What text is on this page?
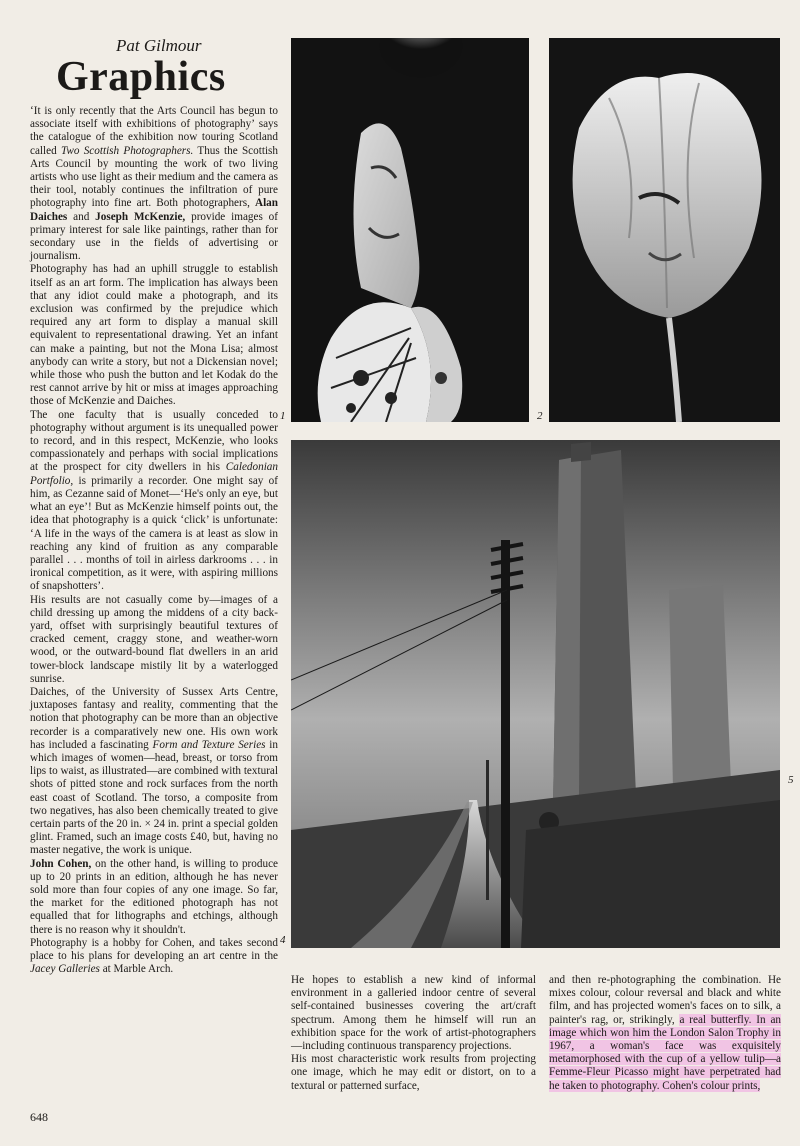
Pat Gilmour
Graphics

‘It is only recently that the Arts Council has begun to associate itself with exhibitions of photography’ says the catalogue of the exhibition now touring Scotland called Two Scottish Photographers. Thus the Scottish Arts Council by mounting the work of two living artists who use light as their medium and the camera as their tool, notably continues the infiltration of pure photography into fine art. Both photographers, Alan Daiches and Joseph McKenzie, provide images of primary interest for sale like paintings, rather than for secondary use in the fields of advertising or journalism.

Photography has had an uphill struggle to establish itself as an art form. The implication has always been that any idiot could make a photograph, and its exclusion was confirmed by the prejudice which required any art form to display a manual skill equivalent to representational drawing. Yet an infant can make a painting, but not the Mona Lisa; almost anybody can write a story, but not a Dickensian novel; while those who push the button and let Kodak do the rest cannot arrive by hit or miss at images approaching those of McKenzie and Daiches.

The one faculty that is usually conceded to photography without argument is its unequalled power to record, and in this respect, McKenzie, who looks compassionately and perhaps with social implications at the prospect for city dwellers in his Caledonian Portfolio, is primarily a recorder. One might say of him, as Cezanne said of Monet—‘He's only an eye, but what an eye’! But as McKenzie himself points out, the idea that photography is a quick ‘click’ is unfortunate: ‘A life in the ways of the camera is at least as slow in reaching any kind of fruition as any comparable parallel . . . months of toil in airless darkrooms . . . in ironical competition, as it were, with aspiring millions of snapshotters’.

His results are not casually come by—images of a child dressing up among the middens of a city back-yard, offset with surprisingly beautiful textures of cracked cement, craggy stone, and weather-worn wood, or the outward-bound flat dwellers in an arid tower-block landscape mistily lit by a waterlogged sunrise.

Daiches, of the University of Sussex Arts Centre, juxtaposes fantasy and reality, commenting that the notion that photography can be more than an objective recorder is a comparatively new one. His own work has included a fascinating Form and Texture Series in which images of women—head, breast, or torso from lips to waist, as illustrated—are combined with textural shots of pitted stone and rock surfaces from the north east coast of Scotland. The torso, a composite from two negatives, has also been chemically treated to give certain parts of the 20 in. × 24 in. print a special golden glint. Framed, such an image costs £40, but, having no master negative, the work is unique.

John Cohen, on the other hand, is willing to produce up to 20 prints in an edition, although he has never sold more than four copies of any one image. So far, the market for the editioned photograph has not equalled that for lithographs and etchings, although there is no reason why it shouldn't.

Photography is a hobby for Cohen, and takes second place to his plans for developing an art centre in the Jacey Galleries at Marble Arch.

He hopes to establish a new kind of informal environment in a galleried indoor centre of several self-contained businesses covering the art/craft spectrum. Among them he himself will run an exhibition space for the work of artist-photographers—including continuous transparency projections.

His most characteristic work results from projecting one image, which he may edit or distort, on to a textural or patterned surface,

and then re-photographing the combination. He mixes colour, colour reversal and black and white film, and has projected women's faces on to silk, a painter's rag, or, strikingly, a real butterfly. In an image which won him the London Salon Trophy in 1967, a woman's face was exquisitely metamorphosed with the cup of a yellow tulip—a Femme-Fleur Picasso might have perpetrated had he taken to photography. Cohen's colour prints,

1	2
4
5
648
